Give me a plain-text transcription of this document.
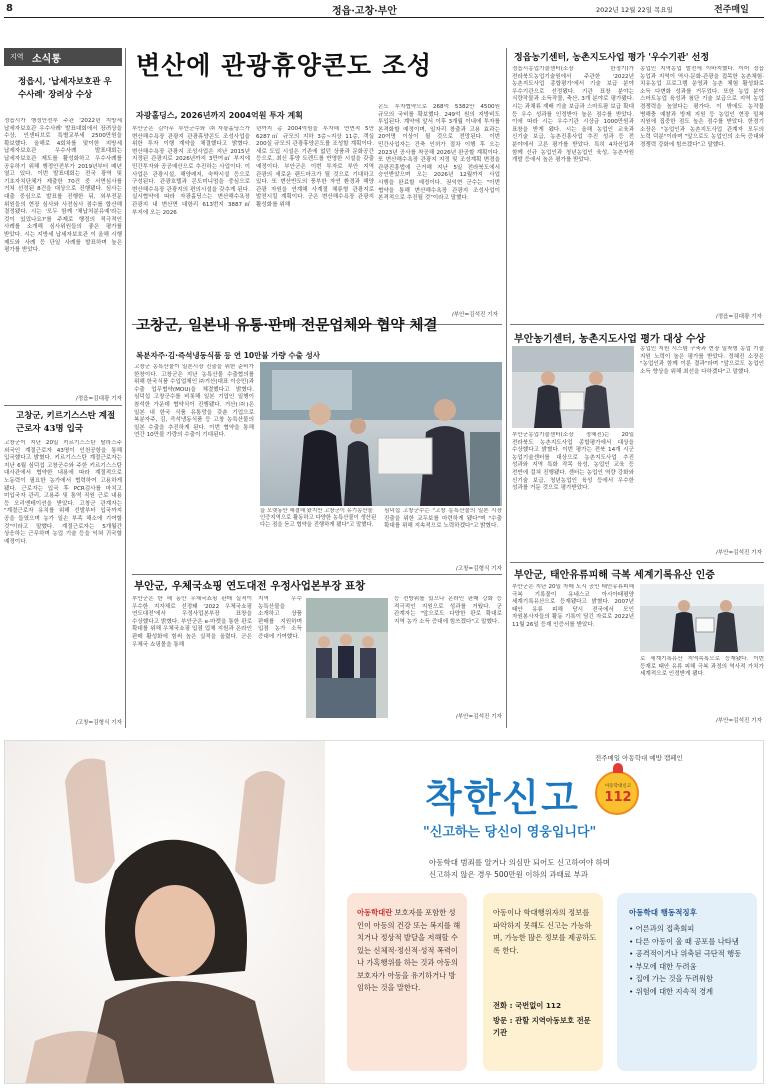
8	정읍·고창·부안	2022년 12월 22일 목요일	전주매일
지역 소식통
정읍시, '납세자보호관 우수사례' 장려상 수상
정읍시가 행정안전부 주관 '2022년 지방세 납세자보호관 우수사례' 발표대회에서 장려상을 수상, 인센티브로 특별교부세 2500만원을 확보했다. 올해로 4회차를 맞이한 지방세 납세자보호관 우수사례 발표대회는 납세자보호관 제도를 활성화하고 우수사례를 공유하기 위해 행정안전부가 2019년부터 매년 열고 있다. 이번 발표대회는 전국 광역 및 기초자치단체가 제출한 70건 중 서면심사를 거쳐 선정된 8건을 대상으로 진행됐다. 심사는 대출 중심으로 발표를 진행한 뒤, 외부전문 위원들의 현장 심사와 사전심사 점수를 합산해 결정됐다. 시는 '모두 함께 '체납처분유예'라는 것이 있었나요?'를 주제로 행정의 적극적인 사례를 소개해 심사위원들의 좋은 평가를 받았다. 시는 지방세 납세자보호관 이 올해 시행 제도와 사례 등 단일 사례를 발표하며 높은 평가를 받았다.
/정읍=김대광 기자
고창군, 키르기스스탄 계절근로자 43명 입국
고창군이 지난 20일 키르기스스탄 탈라스주 외국인 계절근로자 43명이 인천공항을 통해 입국했다고 밝혔다. 키르기스스탄 계절근로자는 지난 6월 심덕섭 고창군수와 주한 키르기스스탄 대사관에서 협약한 내용에 따라 계절적으로 노동력이 필요한 농가에서 협력하여 고용하게 됐다. 근로자는 입국 후 PCR검사를 마치고 미입국자 관리, 고용주 및 통역 직원 근로 내용 등 오리엔테이션을 받았다. 고창군 관계자는 "계절근로자 유치를 위해 선발부터 입국까지 공을 들였으며 농가 일손 부족 해소에 기여할 것"이라고 말했다. 계절근로자는 5개월간 상응하는 근무하며 농업 기술 등을 익혀 귀국할 예정이다.
/고창=김형식 기자
변산에 관광휴양콘도 조성
자광홀딩스, 2026년까지 2004억원 투자 계획
부안군은 김아무 부안군수와 ㈜자광홀딩스가 변산해수욕장 관광지 관광휴양콘도 조성사업을 위한 투자 이행 계약을 체결했다고 밝혔다. 변산해수욕장 관광지 조성사업은 지난 2015년 지정된 관광지로 2026년까지 3만여㎡ 부지에 민간투자와 공공예산으로 추진하는 사업이다. 이 사업은 관광시설, 해양레저, 숙박시설 등으로 구성된다. 관광호텔과 콘도미니엄을 중심으로 변산해수욕장 관광지의 편의시설을 갖추게 된다. 실시협약에 따라 자광홀딩스는 변산해수욕장 관광지 내 변산면 대항리 613번지 3887㎡ 부지에 오는 2026
년까지 총 2004억원을 투자해 연면적 5만 6287㎡ 규모의 지하 3층~지상 11층, 객실 200실 규모의 관광휴양콘도를 조성할 계획이다. 새로 도입 시설은 기존에 없던 상품과 문화공간 등으로, 최신 휴양 트렌드를 반영한 시설을 갖출 예정이다. 부안군은 이번 투자로 부안 지역 관광의 새로운 랜드마크가 될 것으로 기대하고 있다. 또 변산반도의 풍부한 자연 환경과 해양 관광 자원을 연계해 사계절 체류형 관광지로 발전시킬 계획이다. 군은 변산해수욕장 관광지 활성화를 위해
콘도 투자협약으로 268억 5382만 4500원 규모의 국비를 확보했다. 249억 원의 지방비도 투입된다. 계약에 앞서 이후 3개월 이내에 투자를 본격화할 예정이며, 일자리 창출과 고용 효과는 20여명 이상이 될 것으로 전망된다. 이번 민간사업자는 건축 인허가 절차 이행 후 오는 2023년 공사를 착공해 2026년 완공할 계획이다. 또 변산해수욕장 관광지 지정 및 조성계획 변경을 관광진흥법에 근거해 지난 5일 전라북도에서 승인받았으며 오는 2026년 12월까지 사업 시행을 완료할 예정이다. 권익현 군수는 "이번 협약을 통해 변산해수욕장 관광지 조성사업이 본격적으로 추진될 것"이라고 말했다.
/부안=김석진 기자
정읍농기센터, 농촌지도사업 평가 '우수기관' 선정
정읍시농업기술센터(소장 한정기)가 전라북도농업기술원에서 주관한 '2022년 농촌지도사업 종합평가'에서 기술 보급 분야 우수기관으로 선정됐다. 기관 표창 분야는 식량작물과 소득작물, 축산, 3개 분야로 평가됐다. 시는 과채류 재배 기술 보급과 스마트팜 보급 확대 등 우수 성과를 인정받아 높은 점수를 받았다. 이에 따라 시는 우수기관 시상금 1000만원과 표창을 받게 됐다. 시는 올해 농업인 교육과 신기술 보급, 농촌진흥사업 추진 성과 등 전 분야에서 고른 평가를 받았다. 특히 4차산업과 함께 신규 농업인과 청년농업인 육성, 농촌자원 개발 등에서 높은 평가를 받았다.
농업인 지역농업 발전에 이바지했다. 이어 정읍 농업과 지역이 역사·문화·관광을 접목한 농촌체험·치유농업 프로그램 운영과 농촌 체험 활성화로 소득 다변화 성과를 거두었다. 또한 농업 분야 스마트농업 육성과 첨단 기술 보급으로 지역 농업 경쟁력을 높였다는 평가다. 이 밖에도 농작물 병해충 예찰과 방제 지원 등 농업인 현장 밀착 지원에 집중한 점도 높은 점수를 받았다. 한정기 소장은 "농업인과 농촌지도사업 관계자 모두의 노력 덕분"이라며 "앞으로도 농업인의 소득 증대와 경쟁력 강화에 힘쓰겠다"고 말했다.
/정읍=김대광 기자
고창군, 일본내 유통·판매 전문업체와 협약 체결
복분자주·김·즉석냉동식품 등 연 10만불 가량 수출 성사
고창군 농특산물이 일본시장 진출을 위한 준비가 한창이다. 고창군은 지난 농특산물 수출협의를 위해 한국식품 수입업체인 ㈜거산(대표 이승민)과 수출 업무협약(MOU)을 체결했다고 밝혔다. 심덕섭 고창군수를 비롯해 일본 기업인 일행이 참석한 가운데 협약식이 진행됐다. 거산(㈜)은 일본 내 한국 식품 유통망을 갖춘 기업으로 복분자주, 김, 즉석냉동식품 등 고창 농특산물의 일본 수출을 추진하게 된다. 이번 협약을 통해 연간 10만불 가량의 수출이 기대된다.
을 오랫동안 해결해 왔지만 고창군이 유기농산물 인증지역으로 활동하고 다양한 농특산물이 생산된다는 점을 듣고 협약을 진행하게 됐다"고 말했다.
심덕섭 고창군수는 "고창 농특산물의 일본 시장 진출을 위한 교두보를 마련하게 됐다"며 "수출 확대를 위해 지속적으로 노력하겠다"고 밝혔다.
/고창=김형식 기자
부안군, 우체국쇼핑 연도대전 우정사업본부장 표창
부안군은 한 해 동안 우체국쇼핑 판매 실적이 우수한 지자체로 선정돼 '2022 우체국쇼핑 연도대전'에서 우정사업본부장 표창을 수상했다고 밝혔다. 부안군은 e-마켓을 통한 판로 확대를 위해 우체국쇼핑 입점 업체 지원과 온라인 판매 활성화에 힘써 높은 실적을 올렸다. 군은 우체국 쇼핑몰을 통해
지역 우수 농특산물을 소개하고 상품 판매를 지원하며 입점 농가 소득 증대에 기여했다.
등 전방위를 있으나 온라인 판매 강화 등 적극적인 지원으로 성과를 거뒀다. 군 관계자는 "앞으로도 다양한 판로 확대로 지역 농가 소득 증대에 힘쓰겠다"고 말했다.
/부안=김석진 기자
부안농기센터, 농촌지도사업 평가 대상 수상
부안군농업기술센터(소장 정혜진)는 20일 전라북도 농촌지도사업 종합평가에서 대상을 수상했다고 밝혔다. 이번 평가는 전북 14개 시군 농업기술센터를 대상으로 농촌지도사업 추진 성과와 지역 특화 작목 육성, 농업인 교육 등 전반에 걸쳐 진행됐다. 센터는 농업인 역량 강화와 신기술 보급, 청년농업인 육성 등에서 우수한 성과를 거둔 것으로 평가받았다.
농업인 지원 시스템 구축과 현장 밀착형 농업 기술 지원 노력이 높은 평가를 받았다. 정혜진 소장은 "농업인과 함께 이룬 결과"라며 "앞으로도 농업인 소득 향상을 위해 최선을 다하겠다"고 말했다.
/부안=김석진 기자
부안군, 태안유류피해 극복 세계기록유산 인증
부안군은 지난 20일 자매 도시 공인 태안유류피해 극복 기록물이 유네스코 아시아태평양 세계기록유산으로 등재됐다고 밝혔다. 2007년 태안 유류 피해 당시 전국에서 모인 자원봉사자들의 활동 기록이 담긴 자료로 2022년 11월 26일 등재 인증서를 받았다.
로 세계기록유산 지역목록으로 등재됐다. 이번 등재로 태안 유류 피해 극복 과정의 역사적 가치가 세계적으로 인정받게 됐다.
/부안=김석진 기자
전주매일 아동학대 예방 캠페인
착한신고	아동학대신고
112
"신고하는 당신이 영웅입니다"
아동학대 범죄를 알거나 의심만 되어도 신고하여야 하며
신고하지 않은 경우 500만원 이하의 과태료 부과
아동학대란 보호자를 포함한 성인이 아동의 건강 또는 복지를 해치거나 정상적 발달을 저해할 수 있는 신체적·정신적·성적 폭력이나 가혹행위를 하는 것과 아동의 보호자가 아동을 유기하거나 방임하는 것을 말한다.
아동이나 학대행위자의 정보를 파악하지 못해도 신고는 가능하며, 가능한 많은 정보를 제공하도록 한다.
전화 : 국번없이 112
방문 : 관할 지역아동보호 전문기관
아동학대 행동적징후
• 어른과의 접촉회피
• 다른 아동이 울 때 공포를 나타냄
• 공격적이거나 위축된 극단적 행동
• 부모에 대한 두려움
• 집에 가는 것을 두려워함
• 위험에 대한 지속적 경계
